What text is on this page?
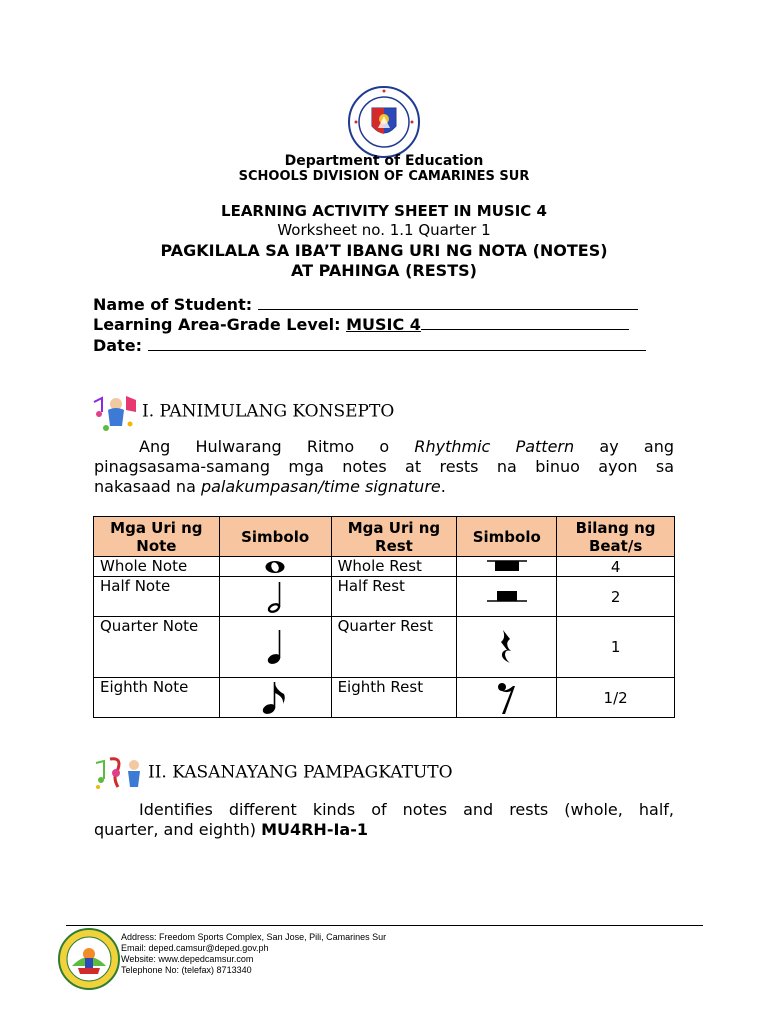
Department of Education
SCHOOLS DIVISION OF CAMARINES SUR
LEARNING ACTIVITY SHEET IN MUSIC 4
Worksheet no. 1.1 Quarter 1
PAGKILALA SA IBA’T IBANG URI NG NOTA (NOTES)
AT PAHINGA (RESTS)
Name of Student:
Learning Area-Grade Level: MUSIC 4
Date:
I. PANIMULANG KONSEPTO
Ang Hulwarang Ritmo o Rhythmic Pattern ay ang
pinagsasama-samang mga notes at rests na binuo ayon sa
nakasaad na palakumpasan/time signature.
Mga Uri ng Note	Simbolo	Mga Uri ng Rest	Simbolo	Bilang ng Beat/s
Whole Note		Whole Rest		4
Half Note		Half Rest		2
Quarter Note		Quarter Rest		1
Eighth Note		Eighth Rest		1/2
II. KASANAYANG PAMPAGKATUTO
Identifies different kinds of notes and rests (whole, half,
quarter, and eighth) MU4RH-Ia-1
Address: Freedom Sports Complex, San Jose, Pili, Camarines Sur
Email: deped.camsur@deped.gov.ph
Website: www.depedcamsur.com
Telephone No: (telefax) 8713340
